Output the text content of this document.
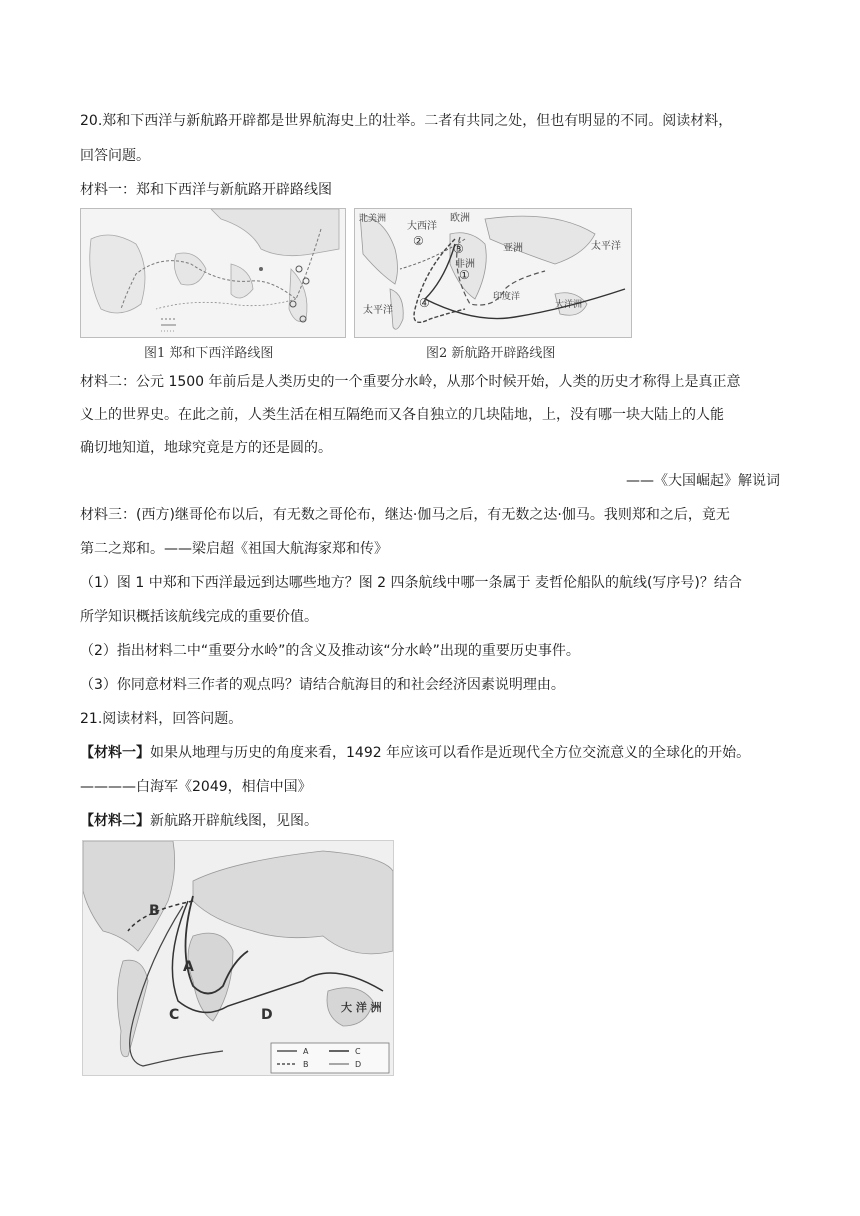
20.郑和下西洋与新航路开辟都是世界航海史上的壮举。二者有共同之处，但也有明显的不同。阅读材料，
回答问题。
材料一：郑和下西洋与新航路开辟路线图
图1 郑和下西洋路线图
北美洲
大西洋
欧洲
亚洲
非洲
印度洋
太平洋
太平洋
大洋洲
①
②
③
④
图2 新航路开辟路线图
材料二：公元 1500 年前后是人类历史的一个重要分水岭，从那个时候开始，人类的历史才称得上是真正意
义上的世界史。在此之前，人类生活在相互隔绝而又各自独立的几块陆地，上，没有哪一块大陆上的人能
确切地知道，地球究竟是方的还是圆的。
——《大国崛起》解说词
材料三：(西方)继哥伦布以后，有无数之哥伦布，继达·伽马之后，有无数之达·伽马。我则郑和之后，竟无
第二之郑和。——梁启超《祖国大航海家郑和传》
（1）图 1 中郑和下西洋最远到达哪些地方？图 2 四条航线中哪一条属于 麦哲伦船队的航线(写序号)？结合
所学知识概括该航线完成的重要价值。
（2）指出材料二中“重要分水岭”的含义及推动该“分水岭”出现的重要历史事件。
（3）你同意材料三作者的观点吗？请结合航海目的和社会经济因素说明理由。
21.阅读材料，回答问题。
【材料一】如果从地理与历史的角度来看，1492 年应该可以看作是近现代全方位交流意义的全球化的开始。
————白海军《2049，相信中国》
【材料二】新航路开辟航线图，见图。
B
A
C	D	大 洋 洲
A
B
C
D
